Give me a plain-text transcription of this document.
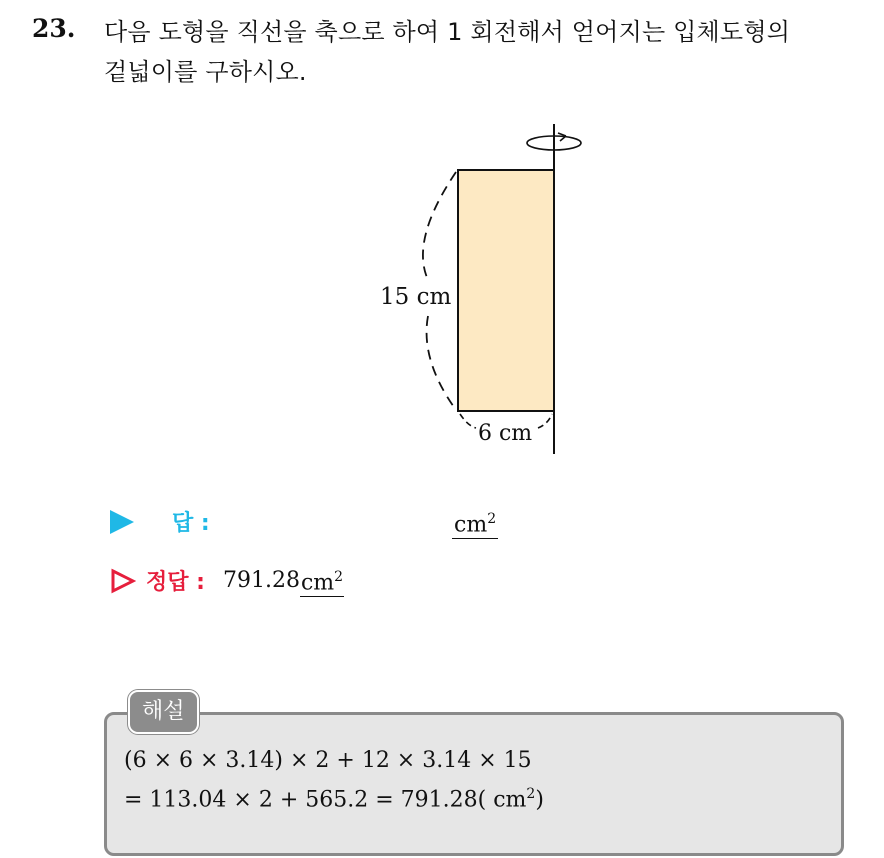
23. 다음 도형을 직선을 축으로 하여 1 회전해서 얻어지는 입체도형의
겉넓이를 구하시오.
15 cm
6 cm
답 :	$cm^2$
정답 : 791.28 $cm^2$
해설
(6 × 6 × 3.14) × 2 + 12 × 3.14 × 15
= 113.04 × 2 + 565.2 = 791.28( $cm^2$)
